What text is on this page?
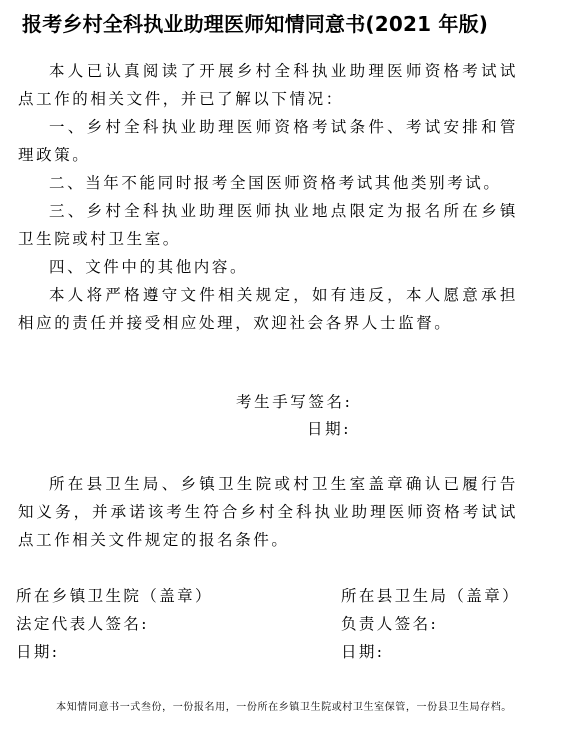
报考乡村全科执业助理医师知情同意书(2021 年版)

本人已认真阅读了开展乡村全科执业助理医师资格考试试点工作的相关文件，并已了解以下情况：

一、乡村全科执业助理医师资格考试条件、考试安排和管理政策。

二、当年不能同时报考全国医师资格考试其他类别考试。

三、乡村全科执业助理医师执业地点限定为报名所在乡镇卫生院或村卫生室。

四、文件中的其他内容。

本人将严格遵守文件相关规定，如有违反，本人愿意承担相应的责任并接受相应处理，欢迎社会各界人士监督。

考生手写签名:
日期:

所在县卫生局、乡镇卫生院或村卫生室盖章确认已履行告知义务，并承诺该考生符合乡村全科执业助理医师资格考试试点工作相关文件规定的报名条件。

所在乡镇卫生院（盖章）
法定代表人签名:
日期:
所在县卫生局（盖章）
负责人签名:
日期:
本知情同意书一式叁份，一份报名用，一份所在乡镇卫生院或村卫生室保管，一份县卫生局存档。
